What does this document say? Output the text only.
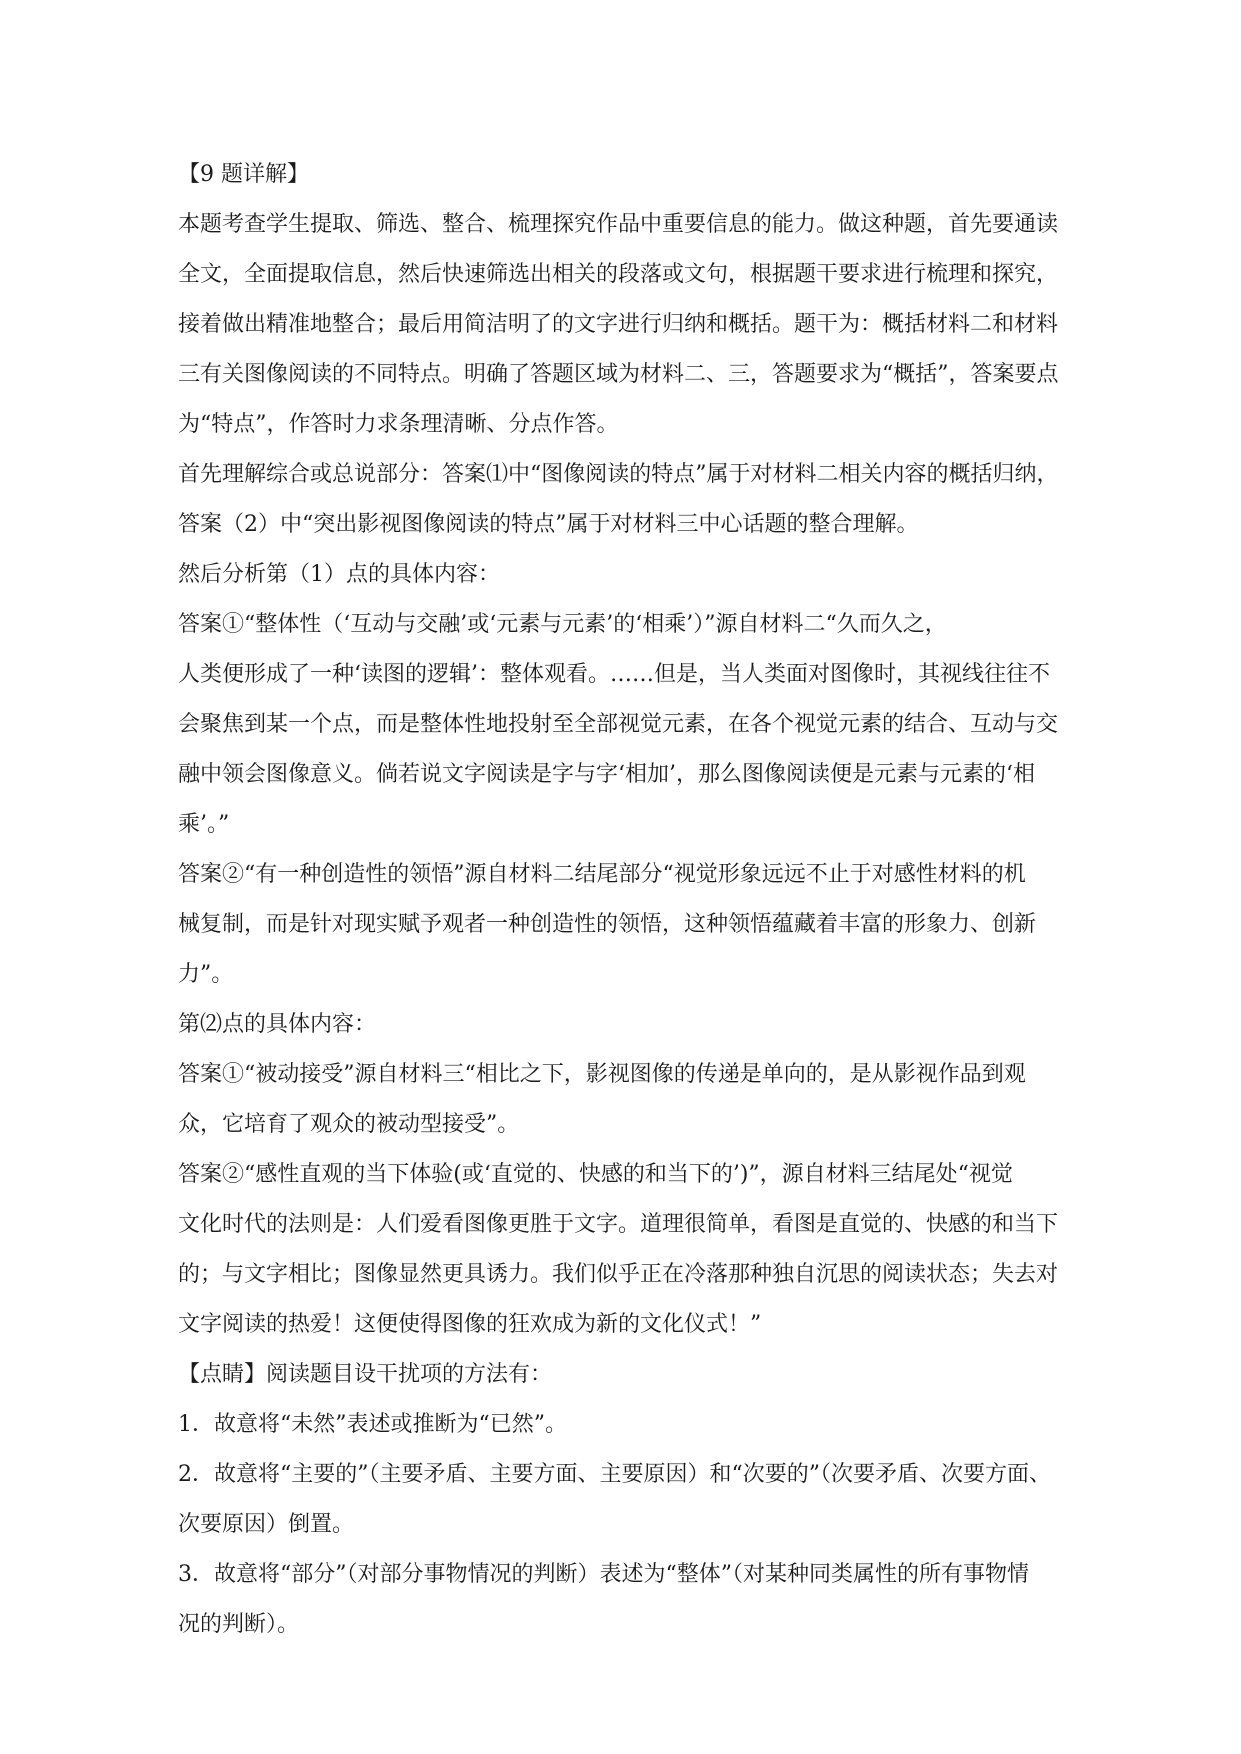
【9 题详解】

本题考查学生提取、筛选、整合、梳理探究作品中重要信息的能力。做这种题，首先要通读

全文，全面提取信息，然后快速筛选出相关的段落或文句，根据题干要求进行梳理和探究，

接着做出精准地整合；最后用简洁明了的文字进行归纳和概括。题干为：概括材料二和材料

三有关图像阅读的不同特点。明确了答题区域为材料二、三，答题要求为“概括”，答案要点

为“特点”，作答时力求条理清晰、分点作答。

首先理解综合或总说部分：答案⑴中“图像阅读的特点”属于对材料二相关内容的概括归纳，

答案（2）中“突出影视图像阅读的特点”属于对材料三中心话题的整合理解。

然后分析第（1）点的具体内容：

答案①“整体性（‘互动与交融’或‘元素与元素’的‘相乘’）”源自材料二“久而久之，

人类便形成了一种‘读图的逻辑’：整体观看。……但是，当人类面对图像时，其视线往往不

会聚焦到某一个点，而是整体性地投射至全部视觉元素，在各个视觉元素的结合、互动与交

融中领会图像意义。倘若说文字阅读是字与字‘相加’，那么图像阅读便是元素与元素的‘相

乘’。”

答案②“有一种创造性的领悟”源自材料二结尾部分“视觉形象远远不止于对感性材料的机

械复制，而是针对现实赋予观者一种创造性的领悟，这种领悟蕴藏着丰富的形象力、创新

力”。

第⑵点的具体内容：

答案①“被动接受”源自材料三“相比之下，影视图像的传递是单向的，是从影视作品到观

众，它培育了观众的被动型接受”。

答案②“感性直观的当下体验(或‘直觉的、快感的和当下的’)”，源自材料三结尾处“视觉

文化时代的法则是：人们爱看图像更胜于文字。道理很简单，看图是直觉的、快感的和当下

的；与文字相比；图像显然更具诱力。我们似乎正在冷落那种独自沉思的阅读状态；失去对

文字阅读的热爱！这便使得图像的狂欢成为新的文化仪式！”

【点睛】阅读题目设干扰项的方法有：

1．故意将“未然”表述或推断为“已然”。

2．故意将“主要的”（主要矛盾、主要方面、主要原因）和“次要的”（次要矛盾、次要方面、

次要原因）倒置。

3．故意将“部分”（对部分事物情况的判断）表述为“整体”（对某种同类属性的所有事物情

况的判断）。
